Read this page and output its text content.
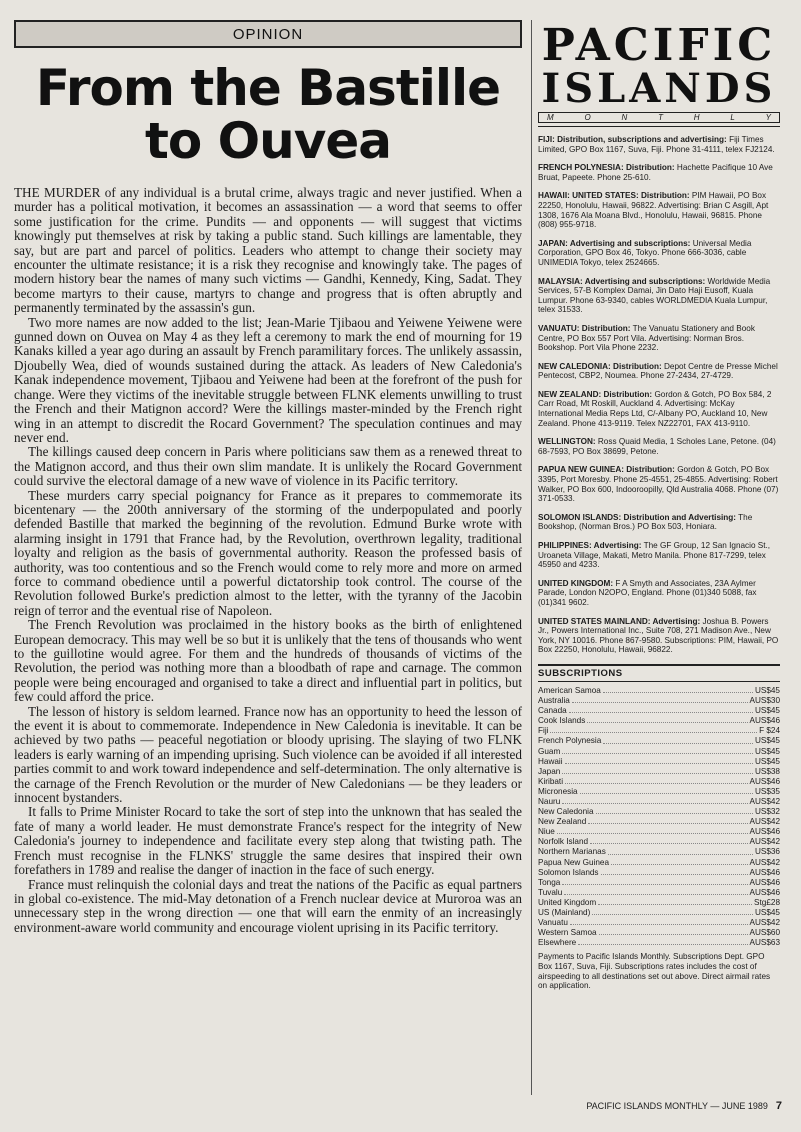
OPINION
From the Bastille
to Ouvea

THE MURDER of any individual is a brutal crime, always tragic and never justified. When a murder has a political motivation, it becomes an assassination — a word that seems to offer some justification for the crime. Pundits — and opponents — will suggest that victims knowingly put themselves at risk by taking a public stand. Such killings are lamentable, they say, but are part and parcel of politics. Leaders who attempt to change their society may encounter the ultimate resistance; it is a risk they recognise and knowingly take. The pages of modern history bear the names of many such victims — Gandhi, Kennedy, King, Sadat. They become martyrs to their cause, martyrs to change and progress that is often abruptly and permanently terminated by the assassin's gun.

Two more names are now added to the list; Jean-Marie Tjibaou and Yeiwene Yeiwene were gunned down on Ouvea on May 4 as they left a ceremony to mark the end of mourning for 19 Kanaks killed a year ago during an assault by French paramilitary forces. The unlikely assassin, Djoubelly Wea, died of wounds sustained during the attack. As leaders of New Caledonia's Kanak independence movement, Tjibaou and Yeiwene had been at the forefront of the push for change. Were they victims of the inevitable struggle between FLNK elements unwilling to trust the French and their Matignon accord? Were the killings master-minded by the French right wing in an attempt to discredit the Rocard Government? The speculation continues and may never end.

The killings caused deep concern in Paris where politicians saw them as a renewed threat to the Matignon accord, and thus their own slim mandate. It is unlikely the Rocard Government could survive the electoral damage of a new wave of violence in its Pacific territory.

These murders carry special poignancy for France as it prepares to commemorate its bicentenary — the 200th anniversary of the storming of the underpopulated and poorly defended Bastille that marked the beginning of the revolution. Edmund Burke wrote with alarming insight in 1791 that France had, by the Revolution, overthrown legality, traditional loyalty and religion as the basis of governmental authority. Reason the professed basis of authority, was too contentious and so the French would come to rely more and more on armed force to command obedience until a powerful dictatorship took control. The course of the Revolution followed Burke's prediction almost to the letter, with the tyranny of the Jacobin reign of terror and the eventual rise of Napoleon.

The French Revolution was proclaimed in the history books as the birth of enlightened European democracy. This may well be so but it is unlikely that the tens of thousands who went to the guillotine would agree. For them and the hundreds of thousands of victims of the Revolution, the period was nothing more than a bloodbath of rape and carnage. The common people were being encouraged and organised to take a direct and influential part in politics, but few could afford the price.

The lesson of history is seldom learned. France now has an opportunity to heed the lesson of the event it is about to commemorate. Independence in New Caledonia is inevitable. It can be achieved by two paths — peaceful negotiation or bloody uprising. The slaying of two FLNK leaders is early warning of an impending uprising. Such violence can be avoided if all interested parties commit to and work toward independence and self-determination. The only alternative is the carnage of the French Revolution or the murder of New Caledonians — be they leaders or innocent bystanders.

It falls to Prime Minister Rocard to take the sort of step into the unknown that has sealed the fate of many a world leader. He must demonstrate France's respect for the integrity of New Caledonia's journey to independence and facilitate every step along that twisting path. The French must recognise in the FLNKS' struggle the same desires that inspired their own forefathers in 1789 and realise the danger of inaction in the face of such energy.

France must relinquish the colonial days and treat the nations of the Pacific as equal partners in global co-existence. The mid-May detonation of a French nuclear device at Muroroa was an unnecessary step in the wrong direction — one that will earn the enmity of an increasingly environment-aware world community and encourage violent uprising in its Pacific territory.

PACIFIC
ISLANDS
M	O	N	T	H	L	Y

FIJI: Distribution, subscriptions and advertising: Fiji Times Limited, GPO Box 1167, Suva, Fiji. Phone 31-4111, telex FJ2124.

FRENCH POLYNESIA: Distribution: Hachette Pacifique 10 Ave Bruat, Papeete. Phone 25-610.

HAWAII: UNITED STATES: Distribution: PIM Hawaii, PO Box 22250, Honolulu, Hawaii, 96822. Advertising: Brian C Asgill, Apt 1308, 1676 Ala Moana Blvd., Honolulu, Hawaii, 96815. Phone (808) 955-9718.

JAPAN: Advertising and subscriptions: Universal Media Corporation, GPO Box 46, Tokyo. Phone 666-3036, cable UNIMEDIA Tokyo, telex 2524665.

MALAYSIA: Advertising and subscriptions: Worldwide Media Services, 57-B Komplex Damai, Jin Dato Haji Eusoff, Kuala Lumpur. Phone 63-9340, cables WORLDMEDIA Kuala Lumpur, telex 31533.

VANUATU: Distribution: The Vanuatu Stationery and Book Centre, PO Box 557 Port Vila. Advertising: Norman Bros. Bookshop. Port Vila Phone 2232.

NEW CALEDONIA: Distribution: Depot Centre de Presse Michel Pentecost, CBP2, Noumea. Phone 27-2434, 27-4729.

NEW ZEALAND: Distribution: Gordon & Gotch, PO Box 584, 2 Carr Road, Mt Roskill, Auckland 4. Advertising: McKay International Media Reps Ltd, C/-Albany PO, Auckland 10, New Zealand. Phone 413-9119. Telex NZ22701, FAX 413-9110.

WELLINGTON: Ross Quaid Media, 1 Scholes Lane, Petone. (04) 68-7593, PO Box 38699, Petone.

PAPUA NEW GUINEA: Distribution: Gordon & Gotch, PO Box 3395, Port Moresby. Phone 25-4551, 25-4855. Advertising: Robert Walker, PO Box 600, Indooroopilly, Qld Australia 4068. Phone (07) 371-0533.

SOLOMON ISLANDS: Distribution and Advertising: The Bookshop, (Norman Bros.) PO Box 503, Honiara.

PHILIPPINES: Advertising: The GF Group, 12 San Ignacio St., Uroaneta Village, Makati, Metro Manila. Phone 817-7299, telex 45950 and 4233.

UNITED KINGDOM: F A Smyth and Associates, 23A Aylmer Parade, London N2OPO, England. Phone (01)340 5088, fax (01)341 9602.

UNITED STATES MAINLAND: Advertising: Joshua B. Powers Jr., Powers International Inc., Suite 708, 271 Madison Ave., New York, NY 10016. Phone 867-9580. Subscriptions: PIM, Hawaii, PO Box 22250, Honolulu, Hawaii, 96822.

SUBSCRIPTIONS
American Samoa	US$45
Australia	AUS$30
Canada	US$45
Cook Islands	AUS$46
Fiji	F $24
French Polynesia	US$45
Guam	US$45
Hawaii	US$45
Japan	US$38
Kiribati	AUS$46
Micronesia	US$35
Nauru	AUS$42
New Caledonia	US$32
New Zealand	AUS$42
Niue	AUS$46
Norfolk Island	AUS$42
Northern Marianas	US$36
Papua New Guinea	AUS$42
Solomon Islands	AUS$46
Tonga	AUS$46
Tuvalu	AUS$46
United Kingdom	Stg£28
US (Mainland)	US$45
Vanuatu	AUS$42
Western Samoa	AUS$60
Elsewhere	AUS$63
Payments to Pacific Islands Monthly. Subscriptions Dept. GPO Box 1167, Suva, Fiji. Subscriptions rates includes the cost of airspeeding to all destinations set out above. Direct airmail rates on application.
PACIFIC ISLANDS MONTHLY — JUNE 1989 7
